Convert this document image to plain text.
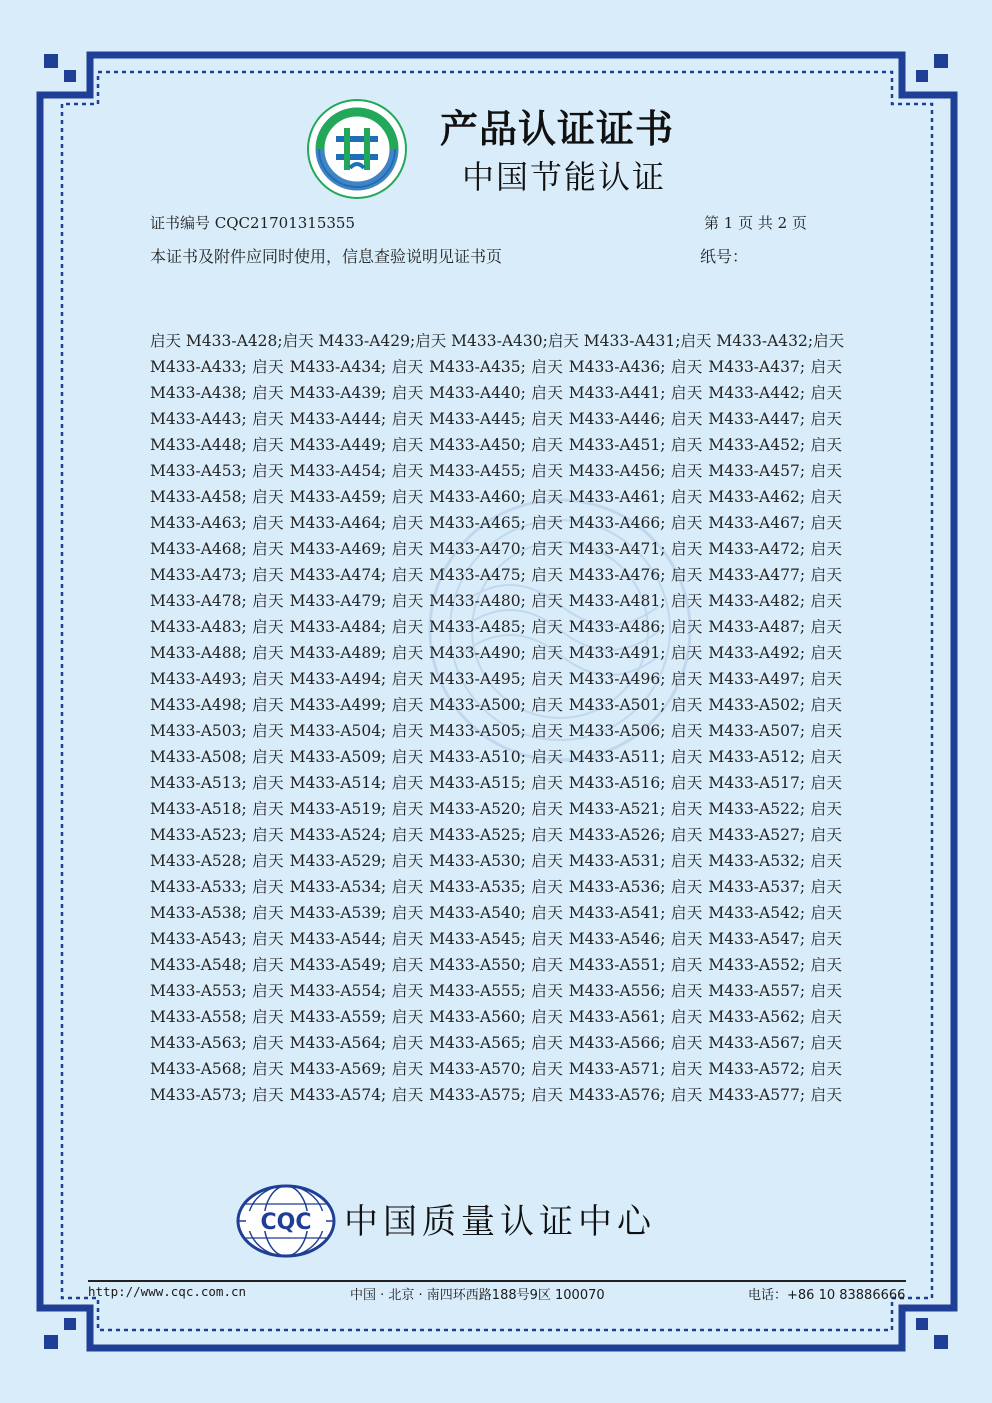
产品认证证书
中国节能认证
证书编号 CQC21701315355	第 1 页 共 2 页
本证书及附件应同时使用，信息查验说明见证书页	纸号：
启天 M433-A428;启天 M433-A429;启天 M433-A430;启天 M433-A431;启天 M433-A432;启天
M433-A433; 启天 M433-A434; 启天 M433-A435; 启天 M433-A436; 启天 M433-A437; 启天
M433-A438; 启天 M433-A439; 启天 M433-A440; 启天 M433-A441; 启天 M433-A442; 启天
M433-A443; 启天 M433-A444; 启天 M433-A445; 启天 M433-A446; 启天 M433-A447; 启天
M433-A448; 启天 M433-A449; 启天 M433-A450; 启天 M433-A451; 启天 M433-A452; 启天
M433-A453; 启天 M433-A454; 启天 M433-A455; 启天 M433-A456; 启天 M433-A457; 启天
M433-A458; 启天 M433-A459; 启天 M433-A460; 启天 M433-A461; 启天 M433-A462; 启天
M433-A463; 启天 M433-A464; 启天 M433-A465; 启天 M433-A466; 启天 M433-A467; 启天
M433-A468; 启天 M433-A469; 启天 M433-A470; 启天 M433-A471; 启天 M433-A472; 启天
M433-A473; 启天 M433-A474; 启天 M433-A475; 启天 M433-A476; 启天 M433-A477; 启天
M433-A478; 启天 M433-A479; 启天 M433-A480; 启天 M433-A481; 启天 M433-A482; 启天
M433-A483; 启天 M433-A484; 启天 M433-A485; 启天 M433-A486; 启天 M433-A487; 启天
M433-A488; 启天 M433-A489; 启天 M433-A490; 启天 M433-A491; 启天 M433-A492; 启天
M433-A493; 启天 M433-A494; 启天 M433-A495; 启天 M433-A496; 启天 M433-A497; 启天
M433-A498; 启天 M433-A499; 启天 M433-A500; 启天 M433-A501; 启天 M433-A502; 启天
M433-A503; 启天 M433-A504; 启天 M433-A505; 启天 M433-A506; 启天 M433-A507; 启天
M433-A508; 启天 M433-A509; 启天 M433-A510; 启天 M433-A511; 启天 M433-A512; 启天
M433-A513; 启天 M433-A514; 启天 M433-A515; 启天 M433-A516; 启天 M433-A517; 启天
M433-A518; 启天 M433-A519; 启天 M433-A520; 启天 M433-A521; 启天 M433-A522; 启天
M433-A523; 启天 M433-A524; 启天 M433-A525; 启天 M433-A526; 启天 M433-A527; 启天
M433-A528; 启天 M433-A529; 启天 M433-A530; 启天 M433-A531; 启天 M433-A532; 启天
M433-A533; 启天 M433-A534; 启天 M433-A535; 启天 M433-A536; 启天 M433-A537; 启天
M433-A538; 启天 M433-A539; 启天 M433-A540; 启天 M433-A541; 启天 M433-A542; 启天
M433-A543; 启天 M433-A544; 启天 M433-A545; 启天 M433-A546; 启天 M433-A547; 启天
M433-A548; 启天 M433-A549; 启天 M433-A550; 启天 M433-A551; 启天 M433-A552; 启天
M433-A553; 启天 M433-A554; 启天 M433-A555; 启天 M433-A556; 启天 M433-A557; 启天
M433-A558; 启天 M433-A559; 启天 M433-A560; 启天 M433-A561; 启天 M433-A562; 启天
M433-A563; 启天 M433-A564; 启天 M433-A565; 启天 M433-A566; 启天 M433-A567; 启天
M433-A568; 启天 M433-A569; 启天 M433-A570; 启天 M433-A571; 启天 M433-A572; 启天
M433-A573; 启天 M433-A574; 启天 M433-A575; 启天 M433-A576; 启天 M433-A577; 启天
CQC 中国质量认证中心
http://www.cqc.com.cn	中国 · 北京 · 南四环西路188号9区 100070	电话：+86 10 83886666
